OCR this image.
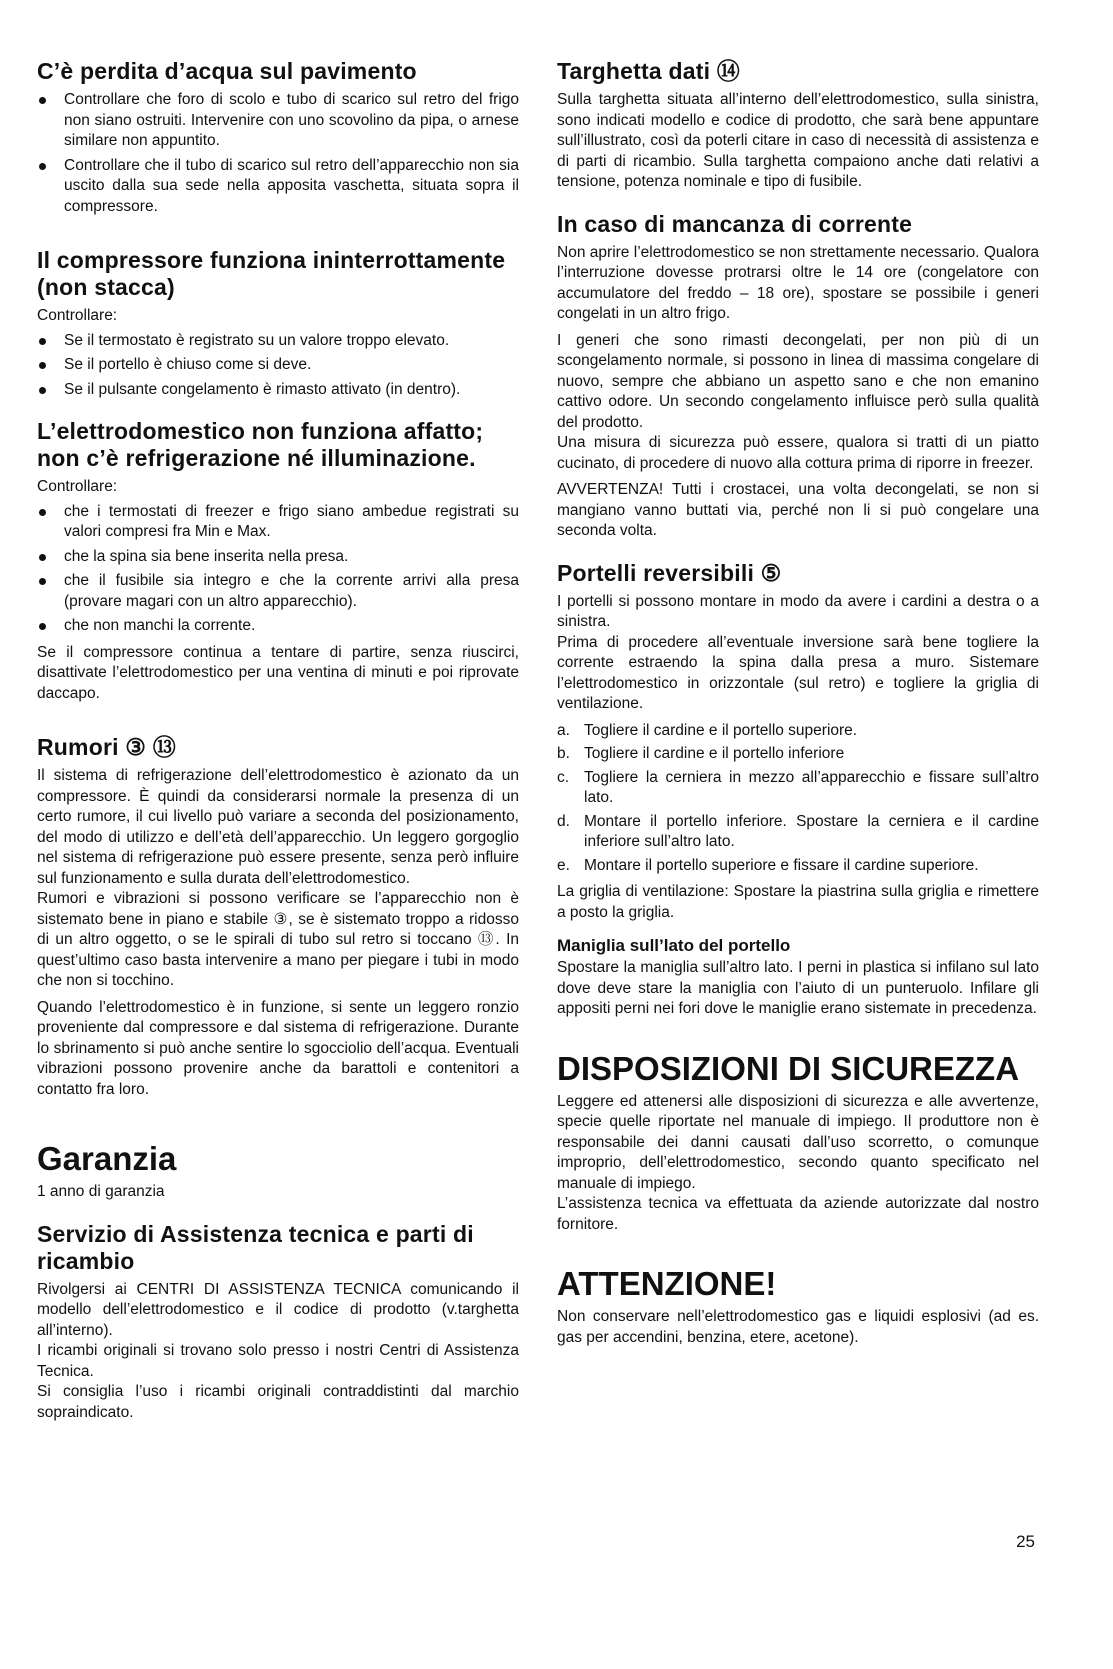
C’è perdita d’acqua sul pavimento
Controllare che foro di scolo e tubo di scarico sul retro del frigo non siano ostruiti. Intervenire con uno scovolino da pipa, o arnese similare non appuntito.
Controllare che il tubo di scarico sul retro dell’apparecchio non sia uscito dalla sua sede nella apposita vaschetta, situata sopra il compressore.
Il compressore funziona ininterrottamente (non stacca)

Controllare:

Se il termostato è registrato su un valore troppo elevato.
Se il portello è chiuso come si deve.
Se il pulsante congelamento è rimasto attivato (in dentro).
L’elettrodomestico non funziona affatto; non c’è refrigerazione né illuminazione.

Controllare:

che i termostati di freezer e frigo siano ambedue registrati su valori compresi fra Min e Max.
che la spina sia bene inserita nella presa.
che il fusibile sia integro e che la corrente arrivi alla presa (provare magari con un altro apparecchio).
che non manchi la corrente.

Se il compressore continua a tentare di partire, senza riuscirci, disattivate l’elettrodomestico per una ventina di minuti e poi riprovate daccapo.

Rumori ③ ⑬

Il sistema di refrigerazione dell’elettrodomestico è azionato da un compressore. È quindi da considerarsi normale la presenza di un certo rumore, il cui livello può variare a seconda del posizionamento, del modo di utilizzo e dell’età dell’apparecchio. Un leggero gorgoglio nel sistema di refrigerazione può essere presente, senza però influire sul funzionamento e sulla durata dell’elettrodomestico.

Rumori e vibrazioni si possono verificare se l’apparecchio non è sistemato bene in piano e stabile ③, se è sistemato troppo a ridosso di un altro oggetto, o se le spirali di tubo sul retro si toccano ⑬. In quest’ultimo caso basta intervenire a mano per piegare i tubi in modo che non si tocchino.

Quando l’elettrodomestico è in funzione, si sente un leggero ronzio proveniente dal compressore e dal sistema di refrigerazione. Durante lo sbrinamento si può anche sentire lo sgocciolio dell’acqua. Eventuali vibrazioni possono provenire anche da barattoli e contenitori a contatto fra loro.

Garanzia

1 anno di garanzia

Servizio di Assistenza tecnica e parti di ricambio

Rivolgersi ai CENTRI DI ASSISTENZA TECNICA comunicando il modello dell’elettrodomestico e il codice di prodotto (v.targhetta all’interno).

I ricambi originali si trovano solo presso i nostri Centri di Assistenza Tecnica.

Si consiglia l’uso i ricambi originali contraddistinti dal marchio sopraindicato.

Targhetta dati ⑭

Sulla targhetta situata all’interno dell’elettrodomestico, sulla sinistra, sono indicati modello e codice di prodotto, che sarà bene appuntare sull’illustrato, così da poterli citare in caso di necessità di assistenza e di parti di ricambio. Sulla targhetta compaiono anche dati relativi a tensione, potenza nominale e tipo di fusibile.

In caso di mancanza di corrente

Non aprire l’elettrodomestico se non strettamente necessario. Qualora l’interruzione dovesse protrarsi oltre le 14 ore (congelatore con accumulatore del freddo – 18 ore), spostare se possibile i generi congelati in un altro frigo.

I generi che sono rimasti decongelati, per non più di un scongelamento normale, si possono in linea di massima congelare di nuovo, sempre che abbiano un aspetto sano e che non emanino cattivo odore. Un secondo congelamento influisce però sulla qualità del prodotto.

Una misura di sicurezza può essere, qualora si tratti di un piatto cucinato, di procedere di nuovo alla cottura prima di riporre in freezer.

AVVERTENZA! Tutti i crostacei, una volta decongelati, se non si mangiano vanno buttati via, perché non li si può congelare una seconda volta.

Portelli reversibili ⑤

I portelli si possono montare in modo da avere i cardini a destra o a sinistra.

Prima di procedere all’eventuale inversione sarà bene togliere la corrente estraendo la spina dalla presa a muro. Sistemare l’elettrodomestico in orizzontale (sul retro) e togliere la griglia di ventilazione.

a. Togliere il cardine e il portello superiore.
b. Togliere il cardine e il portello inferiore
c. Togliere la cerniera in mezzo all’apparecchio e fissare sull’altro lato.
d. Montare il portello inferiore. Spostare la cerniera e il cardine inferiore sull’altro lato.
e. Montare il portello superiore e fissare il cardine superiore.

La griglia di ventilazione: Spostare la piastrina sulla griglia e rimettere a posto la griglia.

Maniglia sull’lato del portello

Spostare la maniglia sull’altro lato. I perni in plastica si infilano sul lato dove deve stare la maniglia con l’aiuto di un punteruolo. Infilare gli appositi perni nei fori dove le maniglie erano sistemate in precedenza.

DISPOSIZIONI DI SICUREZZA

Leggere ed attenersi alle disposizioni di sicurezza e alle avvertenze, specie quelle riportate nel manuale di impiego. Il produttore non è responsabile dei danni causati dall’uso scorretto, o comunque improprio, dell’elettrodomestico, secondo quanto specificato nel manuale di impiego.

L’assistenza tecnica va effettuata da aziende autorizzate dal nostro fornitore.

ATTENZIONE!

Non conservare nell’elettrodomestico gas e liquidi esplosivi (ad es. gas per accendini, benzina, etere, acetone).

25
